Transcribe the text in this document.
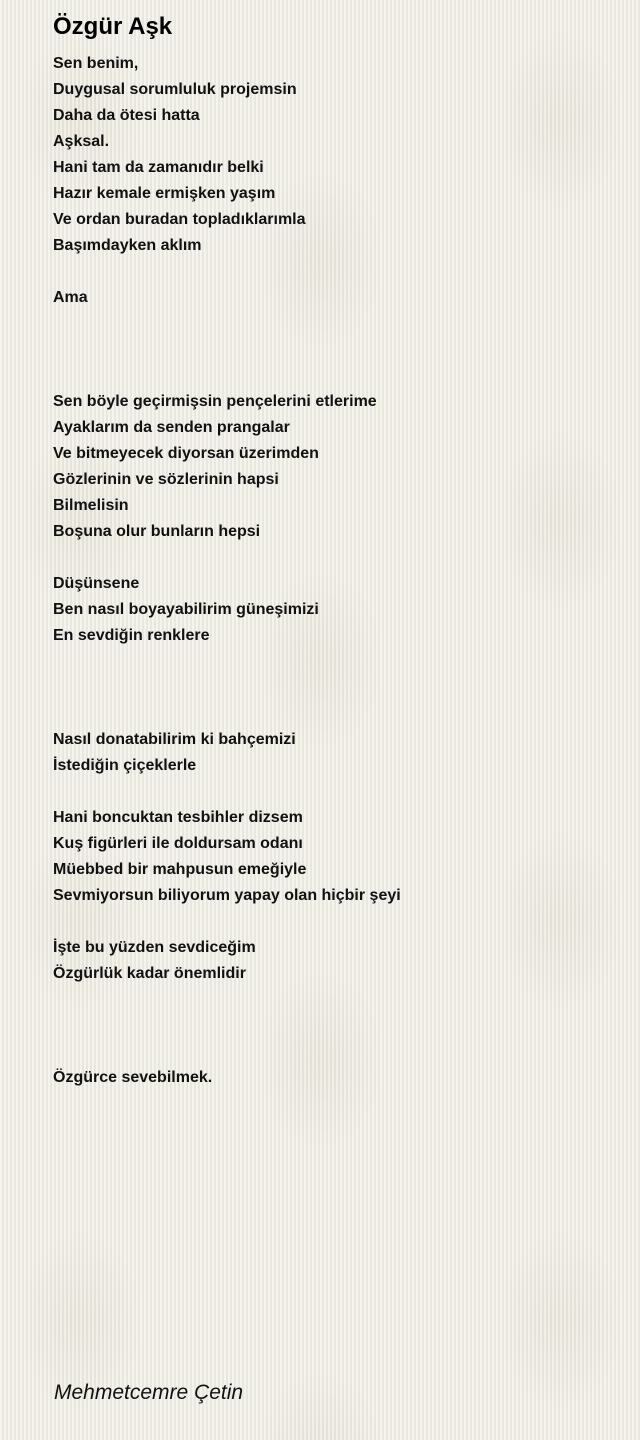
Özgür Aşk
Sen benim,
Duygusal sorumluluk projemsin
Daha da ötesi hatta
Aşksal.
Hani tam da zamanıdır belki
Hazır kemale ermişken yaşım
Ve ordan buradan topladıklarımla
Başımdayken aklım
Ama
Sen böyle geçirmişsin pençelerini etlerime
Ayaklarım da senden prangalar
Ve bitmeyecek diyorsan üzerimden
Gözlerinin ve sözlerinin hapsi
Bilmelisin
Boşuna olur bunların hepsi
Düşünsene
Ben nasıl boyayabilirim güneşimizi
En sevdiğin renklere
Nasıl donatabilirim ki bahçemizi
İstediğin çiçeklerle
Hani boncuktan tesbihler dizsem
Kuş figürleri ile doldursam odanı
Müebbed bir mahpusun emeğiyle
Sevmiyorsun biliyorum yapay olan hiçbir şeyi
İşte bu yüzden sevdiceğim
Özgürlük kadar önemlidir
Özgürce sevebilmek.
Mehmetcemre Çetin
